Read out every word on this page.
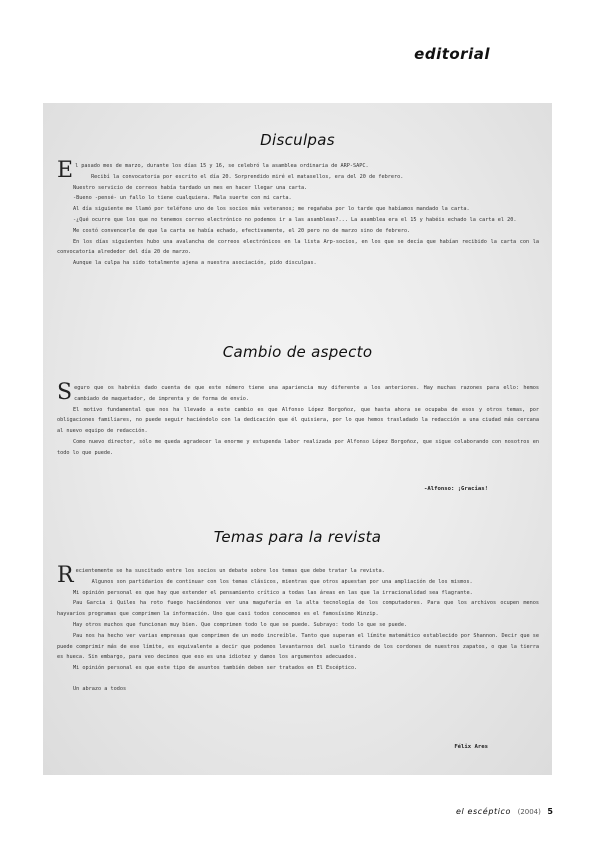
editorial
Disculpas

El pasado mes de marzo, durante los días 15 y 16, se celebró la asamblea ordinaria de ARP-SAPC.

Recibí la convocatoria por escrito el día 20. Sorprendido miré el matasellos, era del 20 de febrero.

Nuestro servicio de correos había tardado un mes en hacer llegar una carta.

-Bueno -pensé- un fallo lo tiene cualquiera. Mala suerte con mi carta.

Al día siguiente me llamó por teléfono uno de los socios más veteranos; me regañaba por lo tarde que habíamos mandado la carta.

-¿Qué ocurre que los que no tenemos correo electrónico no podemos ir a las asambleas?... La asamblea era el 15 y habéis echado la carta el 20.

Me costó convencerle de que la carta se había echado, efectivamente, el 20 pero no de marzo sino de febrero.

En los días siguientes hubo una avalancha de correos electrónicos en la lista Arp-socios, en los que se decía que habían recibido la carta con la convocatoria alrededor del día 20 de marzo.

Aunque la culpa ha sido totalmente ajena a nuestra asociación, pido disculpas.

Cambio de aspecto

Seguro que os habréis dado cuenta de que este número tiene una apariencia muy diferente a los anteriores. Hay muchas razones para ello: hemos cambiado de maquetador, de imprenta y de forma de envío.

El motivo fundamental que nos ha llevado a este cambio es que Alfonso López Borgoñoz, que hasta ahora se ocupaba de esos y otros temas, por obligaciones familiares, no puede seguir haciéndolo con la dedicación que él quisiera, por lo que hemos trasladado la redacción a una ciudad más cercana al nuevo equipo de redacción.

Como nuevo director, sólo me queda agradecer la enorme y estupenda labor realizada por Alfonso López Borgoñoz, que sigue colaborando con nosotros en todo lo que puede.

-Alfonso: ¡Gracias!
Temas para la revista

Recientemente se ha suscitado entre los socios un debate sobre los temas que debe tratar la revista.

Algunos son partidarios de continuar con los temas clásicos, mientras que otros apuestan por una ampliación de los mismos.

Mi opinión personal es que hay que extender el pensamiento crítico a todas las áreas en las que la irracionalidad sea flagrante.

Pau Garcia i Quiles ha roto fuego haciéndonos ver una magufería en la alta tecnología de los computadores. Para que los archivos ocupen menos hayvarios programas que comprimen la información. Uno que casi todos conocemos es el famosísimo Winzip.

Hay otros muchos que funcionan muy bien. Que comprimen todo lo que se puede. Subrayo: todo lo que se puede.

Pau nos ha hecho ver varias empresas que comprimen de un modo increíble. Tanto que superan el límite matemático establecido por Shannon. Decir que se puede comprimir más de ese límite, es equivalente a decir que podemos levantarnos del suelo tirando de los cordones de nuestros zapatos, o que la tierra es hueca. Sin embargo, para veo decimos que eso es una idiotez y damos los argumentos adecuados.

Mi opinión personal es que este tipo de asuntos también deben ser tratados en El Escéptico.

Un abrazo a todos

Félix Ares
el escéptico (2004) 5
